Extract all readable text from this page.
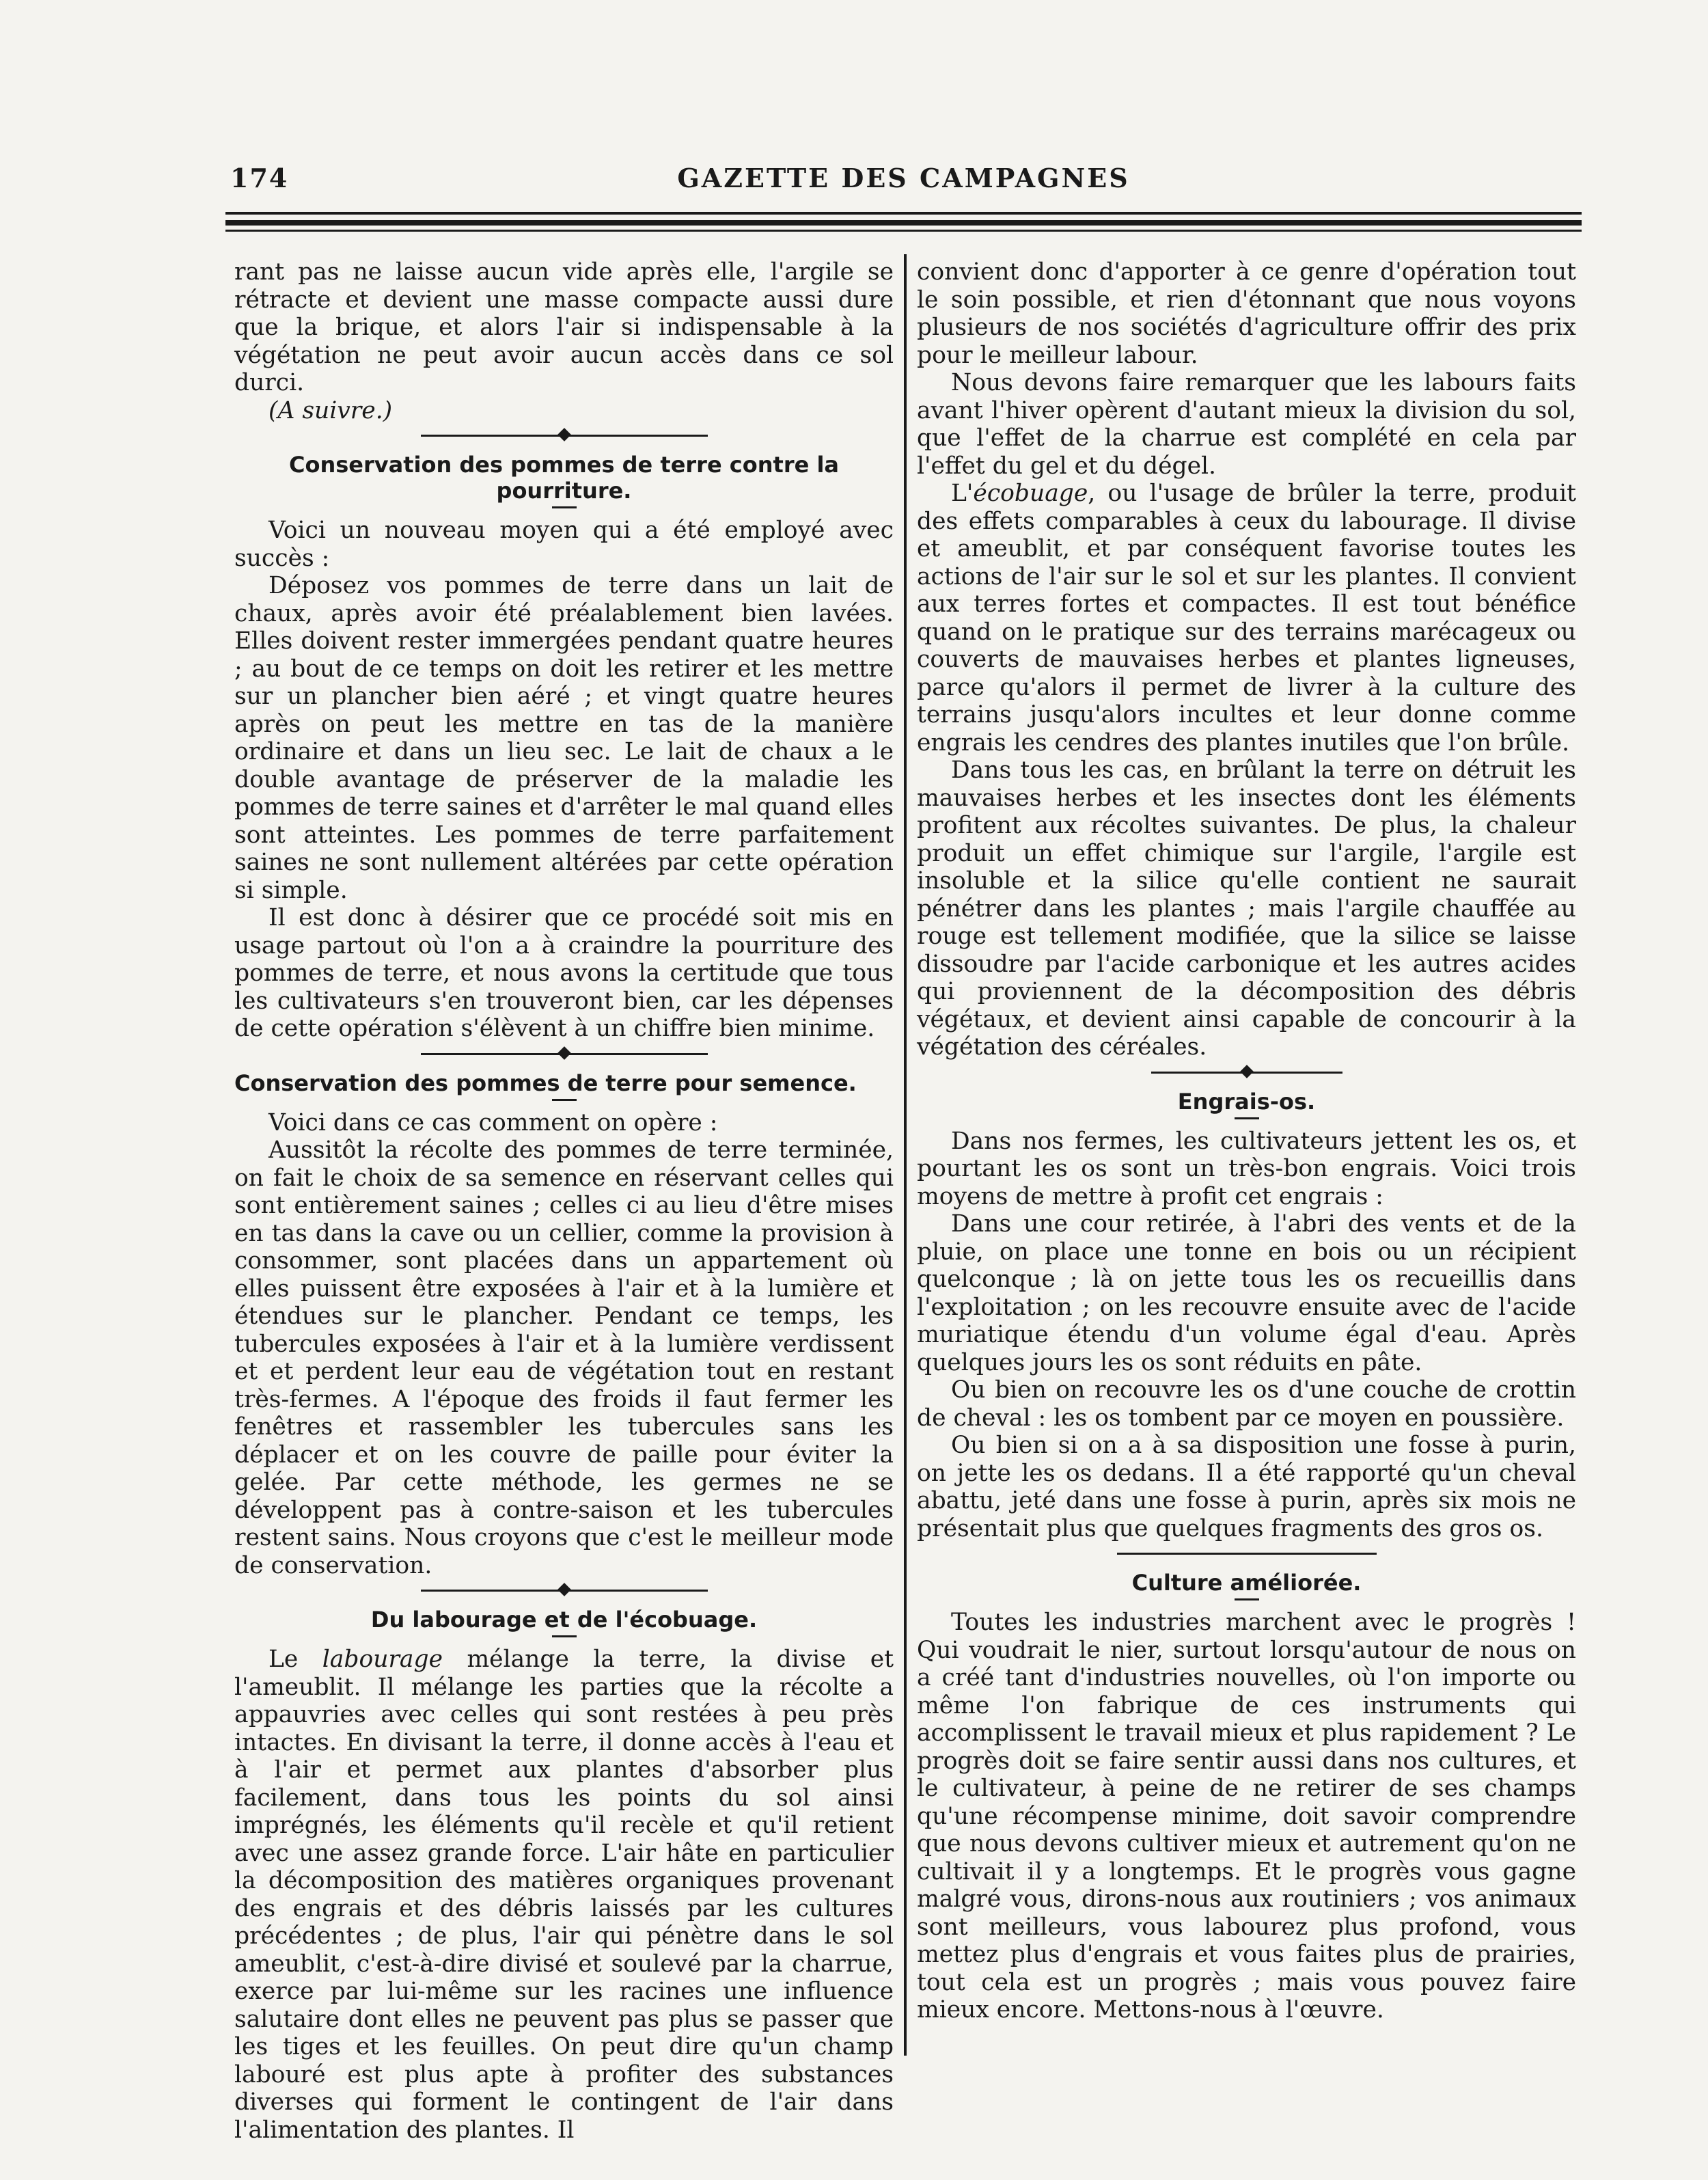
174	GAZETTE DES CAMPAGNES

rant pas ne laisse aucun vide après elle, l'argile se rétracte et devient une masse compacte aussi dure que la brique, et alors l'air si indispensable à la végétation ne peut avoir aucun accès dans ce sol durci.

(A suivre.)

Conservation des pommes de terre contre la pourriture.

Voici un nouveau moyen qui a été employé avec succès :

Déposez vos pommes de terre dans un lait de chaux, après avoir été préalablement bien lavées. Elles doivent rester immergées pendant quatre heures ; au bout de ce temps on doit les retirer et les mettre sur un plancher bien aéré ; et vingt quatre heures après on peut les mettre en tas de la manière ordinaire et dans un lieu sec. Le lait de chaux a le double avantage de préserver de la maladie les pommes de terre saines et d'arrêter le mal quand elles sont atteintes. Les pommes de terre parfaitement saines ne sont nullement altérées par cette opération si simple.

Il est donc à désirer que ce procédé soit mis en usage partout où l'on a à craindre la pourriture des pommes de terre, et nous avons la certitude que tous les cultivateurs s'en trouveront bien, car les dépenses de cette opération s'élèvent à un chiffre bien minime.

Conservation des pommes de terre pour semence.

Voici dans ce cas comment on opère :

Aussitôt la récolte des pommes de terre terminée, on fait le choix de sa semence en réservant celles qui sont entièrement saines ; celles ci au lieu d'être mises en tas dans la cave ou un cellier, comme la provision à consommer, sont placées dans un appartement où elles puissent être exposées à l'air et à la lumière et étendues sur le plancher. Pendant ce temps, les tubercules exposées à l'air et à la lumière verdissent et et perdent leur eau de végétation tout en restant très-fermes. A l'époque des froids il faut fermer les fenêtres et rassembler les tubercules sans les déplacer et on les couvre de paille pour éviter la gelée. Par cette méthode, les germes ne se développent pas à contre-saison et les tubercules restent sains. Nous croyons que c'est le meilleur mode de conservation.

Du labourage et de l'écobuage.

Le labourage mélange la terre, la divise et l'ameublit. Il mélange les parties que la récolte a appauvries avec celles qui sont restées à peu près intactes. En divisant la terre, il donne accès à l'eau et à l'air et permet aux plantes d'absorber plus facilement, dans tous les points du sol ainsi imprégnés, les éléments qu'il recèle et qu'il retient avec une assez grande force. L'air hâte en particulier la décomposition des matières organiques provenant des engrais et des débris laissés par les cultures précédentes ; de plus, l'air qui pénètre dans le sol ameublit, c'est-à-dire divisé et soulevé par la charrue, exerce par lui-même sur les racines une influence salutaire dont elles ne peuvent pas plus se passer que les tiges et les feuilles. On peut dire qu'un champ labouré est plus apte à profiter des substances diverses qui forment le contingent de l'air dans l'alimentation des plantes. Il

convient donc d'apporter à ce genre d'opération tout le soin possible, et rien d'étonnant que nous voyons plusieurs de nos sociétés d'agriculture offrir des prix pour le meilleur labour.

Nous devons faire remarquer que les labours faits avant l'hiver opèrent d'autant mieux la division du sol, que l'effet de la charrue est complété en cela par l'effet du gel et du dégel.

L'écobuage, ou l'usage de brûler la terre, produit des effets comparables à ceux du labourage. Il divise et ameublit, et par conséquent favorise toutes les actions de l'air sur le sol et sur les plantes. Il convient aux terres fortes et compactes. Il est tout bénéfice quand on le pratique sur des terrains marécageux ou couverts de mauvaises herbes et plantes ligneuses, parce qu'alors il permet de livrer à la culture des terrains jusqu'alors incultes et leur donne comme engrais les cendres des plantes inutiles que l'on brûle.

Dans tous les cas, en brûlant la terre on détruit les mauvaises herbes et les insectes dont les éléments profitent aux récoltes suivantes. De plus, la chaleur produit un effet chimique sur l'argile, l'argile est insoluble et la silice qu'elle contient ne saurait pénétrer dans les plantes ; mais l'argile chauffée au rouge est tellement modifiée, que la silice se laisse dissoudre par l'acide carbonique et les autres acides qui proviennent de la décomposition des débris végétaux, et devient ainsi capable de concourir à la végétation des céréales.

Engrais-os.

Dans nos fermes, les cultivateurs jettent les os, et pourtant les os sont un très-bon engrais. Voici trois moyens de mettre à profit cet engrais :

Dans une cour retirée, à l'abri des vents et de la pluie, on place une tonne en bois ou un récipient quelconque ; là on jette tous les os recueillis dans l'exploitation ; on les recouvre ensuite avec de l'acide muriatique étendu d'un volume égal d'eau. Après quelques jours les os sont réduits en pâte.

Ou bien on recouvre les os d'une couche de crottin de cheval : les os tombent par ce moyen en poussière.

Ou bien si on a à sa disposition une fosse à purin, on jette les os dedans. Il a été rapporté qu'un cheval abattu, jeté dans une fosse à purin, après six mois ne présentait plus que quelques fragments des gros os.

Culture améliorée.

Toutes les industries marchent avec le progrès ! Qui voudrait le nier, surtout lorsqu'autour de nous on a créé tant d'industries nouvelles, où l'on importe ou même l'on fabrique de ces instruments qui accomplissent le travail mieux et plus rapidement ? Le progrès doit se faire sentir aussi dans nos cultures, et le cultivateur, à peine de ne retirer de ses champs qu'une récompense minime, doit savoir comprendre que nous devons cultiver mieux et autrement qu'on ne cultivait il y a longtemps. Et le progrès vous gagne malgré vous, dirons-nous aux routiniers ; vos animaux sont meilleurs, vous labourez plus profond, vous mettez plus d'engrais et vous faites plus de prairies, tout cela est un progrès ; mais vous pouvez faire mieux encore. Mettons-nous à l'œuvre.
